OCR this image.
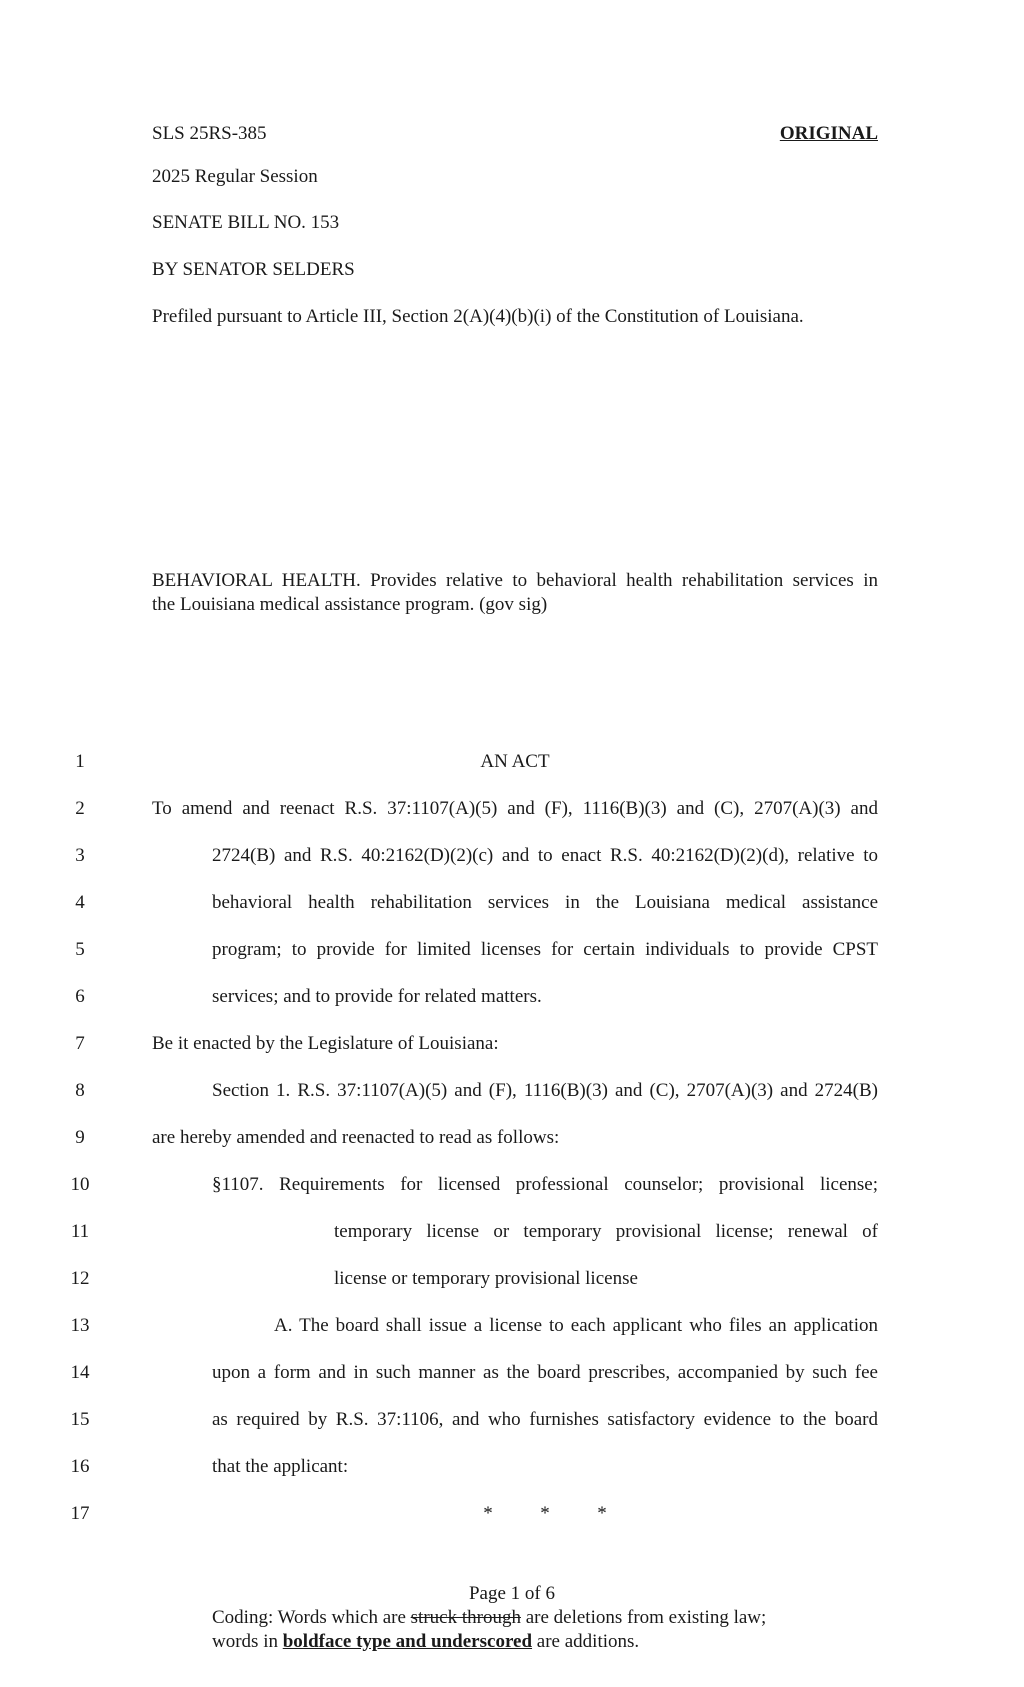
SLS 25RS-385	ORIGINAL
2025 Regular Session
SENATE BILL NO. 153
BY SENATOR SELDERS
Prefiled pursuant to Article III, Section 2(A)(4)(b)(i) of the Constitution of Louisiana.
BEHAVIORAL HEALTH. Provides relative to behavioral health rehabilitation services in
the Louisiana medical assistance program. (gov sig)
1	AN ACT
2	To amend and reenact R.S. 37:1107(A)(5) and (F), 1116(B)(3) and (C), 2707(A)(3) and
3	2724(B) and R.S. 40:2162(D)(2)(c) and to enact R.S. 40:2162(D)(2)(d), relative to
4	behavioral health rehabilitation services in the Louisiana medical assistance
5	program; to provide for limited licenses for certain individuals to provide CPST
6	services; and to provide for related matters.
7	Be it enacted by the Legislature of Louisiana:
8	Section 1. R.S. 37:1107(A)(5) and (F), 1116(B)(3) and (C), 2707(A)(3) and 2724(B)
9	are hereby amended and reenacted to read as follows:
10	§1107. Requirements for licensed professional counselor; provisional license;
11	temporary license or temporary provisional license; renewal of
12	license or temporary provisional license
13	A. The board shall issue a license to each applicant who files an application
14	upon a form and in such manner as the board prescribes, accompanied by such fee
15	as required by R.S. 37:1106, and who furnishes satisfactory evidence to the board
16	that the applicant:
17	*          *          *
Page 1 of 6
Coding: Words which are struck through are deletions from existing law;
words in boldface type and underscored are additions.
